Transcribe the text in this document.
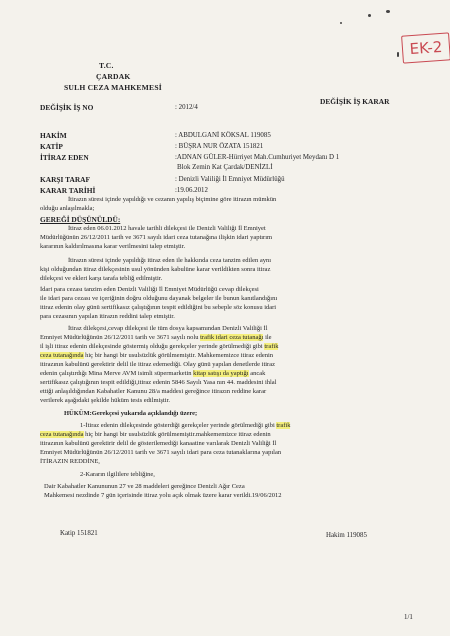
EK-2
T.C.
ÇARDAK
SULH CEZA MAHKEMESİ
DEĞİŞİK İŞ NO	: 2012/4
DEĞİŞİK İŞ KARAR
HAKİM	: ABDULGANİ KÖKSAL 119085
KATİP	: BÜŞRA NUR ÖZATA 151821
İTİRAZ EDEN	:ADNAN GÜLER-Hürriyet Mah.Cumhuriyet Meydanı D 1
Blok Zemin Kat Çardak/DENİZLİ
KARŞI TARAF	: Denizli Valiliği İl Emniyet Müdürlüğü
KARAR TARİHİ	:19.06.2012
İtirazın süresi içinde yapıldığı ve cezanın yapılış biçimine göre itirazın mümkün
olduğu anlaşılmakla;
GEREĞİ DÜŞÜNÜLDÜ:
İtiraz eden 06.01.2012 havale tarihli dilekçesi ile Denizli Valiliği İl Emniyet
Müdürlüğünün 26/12/2011 tarih ve 3671 sayılı idari ceza tutanağına ilişkin idari yaptırım
kararının kaldırılmasına karar verilmesini talep etmiştir.
İtirazın süresi içinde yapıldığı itiraz eden ile hakkında ceza tanzim edilen aynı
kişi olduğundan itiraz dilekçesinin usul yönünden kabulüne karar verildikten sonra itiraz
dilekçesi ve ekleri karşı tarafa tebliğ edilmiştir.
İdari para cezası tanzim eden Denizli Valiliği İl Emniyet Müdürlüğü cevap dilekçesi
ile idari para cezası ve içeriğinin doğru olduğunu dayanak belgeler ile bunun kanıtlandığını
itiraz edenin olay günü sertifikasız çalıştığının tespit edildiğini bu sebeple söz konusu idari
para cezasının yapılan itirazın reddini talep etmiştir.
İtiraz dilekçesi,cevap dilekçesi ile tüm dosya kapsamından Denizli Valiliği İl
Emniyet Müdürlüğünün 26/12/2011 tarih ve 3671 sayılı nolu trafik idari ceza tutanağı ile
il işli itiraz edenin dilekçesinde göstermiş olduğu gerekçeler yerinde görülmediği gibi trafik
ceza tutanağında hiç bir hangi bir usulsüzlük görülmemiştir. Mahkememizce itiraz edenin
itirazının kabulünü gerektirir delil ile itiraz edemediği. Olay günü yapılan denetlerde itiraz
edenin çalıştırdığı Mina Merve AVM isimli süpermarketin kitap satışı da yaptığı ancak
sertifikasız çalıştığının tespit edildiği,itiraz edenin 5846 Sayılı Yasa nın 44. maddesini ihlal
ettiği anlaşıldığından Kabahatler Kanunu 28/a maddesi gereğince itirazın reddine karar
verilerek aşağıdaki şekilde hüküm tesis edilmiştir.
HÜKÜM:Gerekçesi yukarıda açıklandığı üzere;
1-İtiraz edenin dilekçesinde gösterdiği gerekçeler yerinde görülmediği gibi trafik
ceza tutanağında hiç bir hangi bir usulsüzlük görülmemiştir.mahkememizce itiraz edenin
itirazının kabulünü gerektirir delil de gösterilemediği kanaatine varılarak Denizli Valiliği İl
Emniyet Müdürlüğünün 26/12/2011 tarih ve 3671 sayılı idari para ceza tutanaklarına yapılan
İTİRAZIN REDDİNE,
2-Kararın ilgililere tebliğine,
Dair Kabahatler Kanununun 27 ve 28 maddeleri gereğince Denizli Ağır Ceza
Mahkemesi nezdinde 7 gün içerisinde itiraz yolu açık olmak üzere karar verildi.19/06/2012
Katip 151821	Hakim 119085
1/1
